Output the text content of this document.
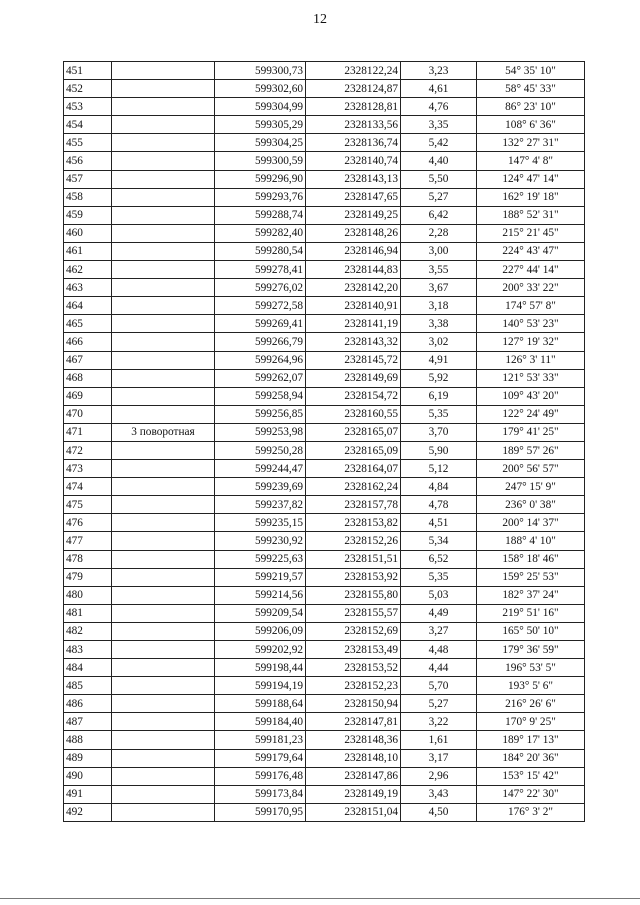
12
451		599300,73	2328122,24	3,23	54° 35' 10"
452		599302,60	2328124,87	4,61	58° 45' 33"
453		599304,99	2328128,81	4,76	86° 23' 10"
454		599305,29	2328133,56	3,35	108° 6' 36"
455		599304,25	2328136,74	5,42	132° 27' 31"
456		599300,59	2328140,74	4,40	147° 4' 8"
457		599296,90	2328143,13	5,50	124° 47' 14"
458		599293,76	2328147,65	5,27	162° 19' 18"
459		599288,74	2328149,25	6,42	188° 52' 31"
460		599282,40	2328148,26	2,28	215° 21' 45"
461		599280,54	2328146,94	3,00	224° 43' 47"
462		599278,41	2328144,83	3,55	227° 44' 14"
463		599276,02	2328142,20	3,67	200° 33' 22"
464		599272,58	2328140,91	3,18	174° 57' 8"
465		599269,41	2328141,19	3,38	140° 53' 23"
466		599266,79	2328143,32	3,02	127° 19' 32"
467		599264,96	2328145,72	4,91	126° 3' 11"
468		599262,07	2328149,69	5,92	121° 53' 33"
469		599258,94	2328154,72	6,19	109° 43' 20"
470		599256,85	2328160,55	5,35	122° 24' 49"
471	3 поворотная	599253,98	2328165,07	3,70	179° 41' 25"
472		599250,28	2328165,09	5,90	189° 57' 26"
473		599244,47	2328164,07	5,12	200° 56' 57"
474		599239,69	2328162,24	4,84	247° 15' 9"
475		599237,82	2328157,78	4,78	236° 0' 38"
476		599235,15	2328153,82	4,51	200° 14' 37"
477		599230,92	2328152,26	5,34	188° 4' 10"
478		599225,63	2328151,51	6,52	158° 18' 46"
479		599219,57	2328153,92	5,35	159° 25' 53"
480		599214,56	2328155,80	5,03	182° 37' 24"
481		599209,54	2328155,57	4,49	219° 51' 16"
482		599206,09	2328152,69	3,27	165° 50' 10"
483		599202,92	2328153,49	4,48	179° 36' 59"
484		599198,44	2328153,52	4,44	196° 53' 5"
485		599194,19	2328152,23	5,70	193° 5' 6"
486		599188,64	2328150,94	5,27	216° 26' 6"
487		599184,40	2328147,81	3,22	170° 9' 25"
488		599181,23	2328148,36	1,61	189° 17' 13"
489		599179,64	2328148,10	3,17	184° 20' 36"
490		599176,48	2328147,86	2,96	153° 15' 42"
491		599173,84	2328149,19	3,43	147° 22' 30"
492		599170,95	2328151,04	4,50	176° 3' 2"
